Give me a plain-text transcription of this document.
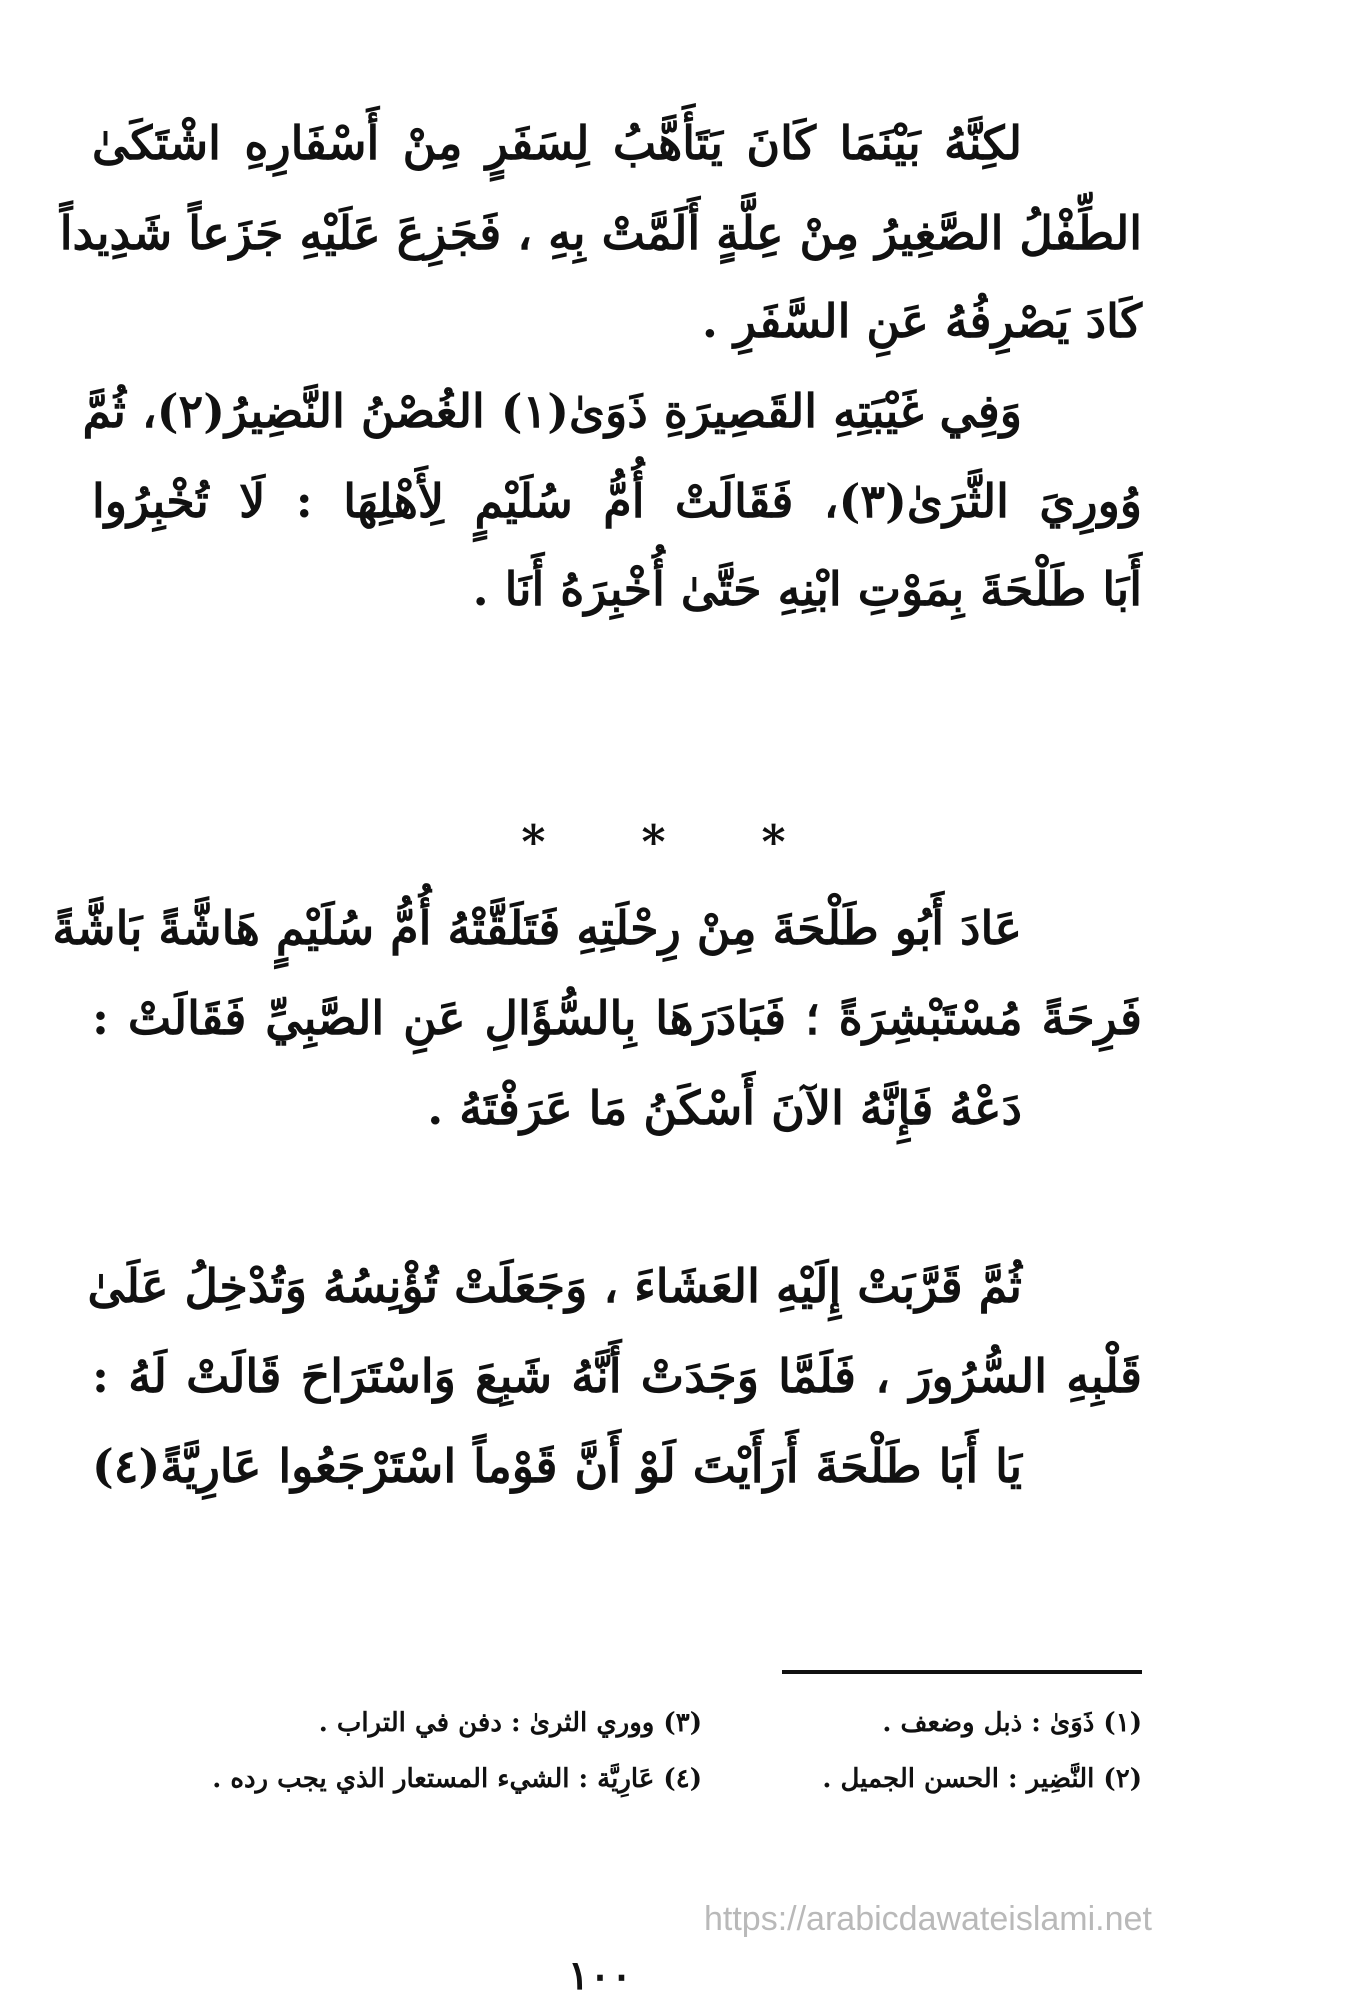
لكِنَّهُ بَيْنَمَا كَانَ يَتَأَهَّبُ لِسَفَرٍ مِنْ أَسْفَارِهِ اشْتَكَىٰ
الطِّفْلُ الصَّغِيرُ مِنْ عِلَّةٍ أَلَمَّتْ بِهِ ، فَجَزِعَ عَلَيْهِ جَزَعاً شَدِيداً
كَادَ يَصْرِفُهُ عَنِ السَّفَرِ .
وَفِي غَيْبَتِهِ القَصِيرَةِ ذَوَىٰ(١) الغُصْنُ النَّضِيرُ(٢)، ثُمَّ
وُورِيَ الثَّرَىٰ(٣)، فَقَالَتْ أُمُّ سُلَيْمٍ لِأَهْلِهَا : لَا تُخْبِرُوا
أَبَا طَلْحَةَ بِمَوْتِ ابْنِهِ حَتَّىٰ أُخْبِرَهُ أَنَا .
* * *
عَادَ أَبُو طَلْحَةَ مِنْ رِحْلَتِهِ فَتَلَقَّتْهُ أُمُّ سُلَيْمٍ هَاشَّةً بَاشَّةً
فَرِحَةً مُسْتَبْشِرَةً ؛ فَبَادَرَهَا بِالسُّؤَالِ عَنِ الصَّبِيِّ فَقَالَتْ :
دَعْهُ فَإِنَّهُ الآنَ أَسْكَنُ مَا عَرَفْتَهُ .
ثُمَّ قَرَّبَتْ إِلَيْهِ العَشَاءَ ، وَجَعَلَتْ تُؤْنِسُهُ وَتُدْخِلُ عَلَىٰ
قَلْبِهِ السُّرُورَ ، فَلَمَّا وَجَدَتْ أَنَّهُ شَبِعَ وَاسْتَرَاحَ قَالَتْ لَهُ :
يَا أَبَا طَلْحَةَ أَرَأَيْتَ لَوْ أَنَّ قَوْماً اسْتَرْجَعُوا عَارِيَّةً(٤)
(١) ذَوَىٰ : ذبل وضعف .
(٣) ووري الثرىٰ : دفن في التراب .
(٢) النَّضِير : الحسن الجميل .
(٤) عَارِيَّة : الشيء المستعار الذي يجب رده .
https://arabicdawateislami.net
١٠٠
